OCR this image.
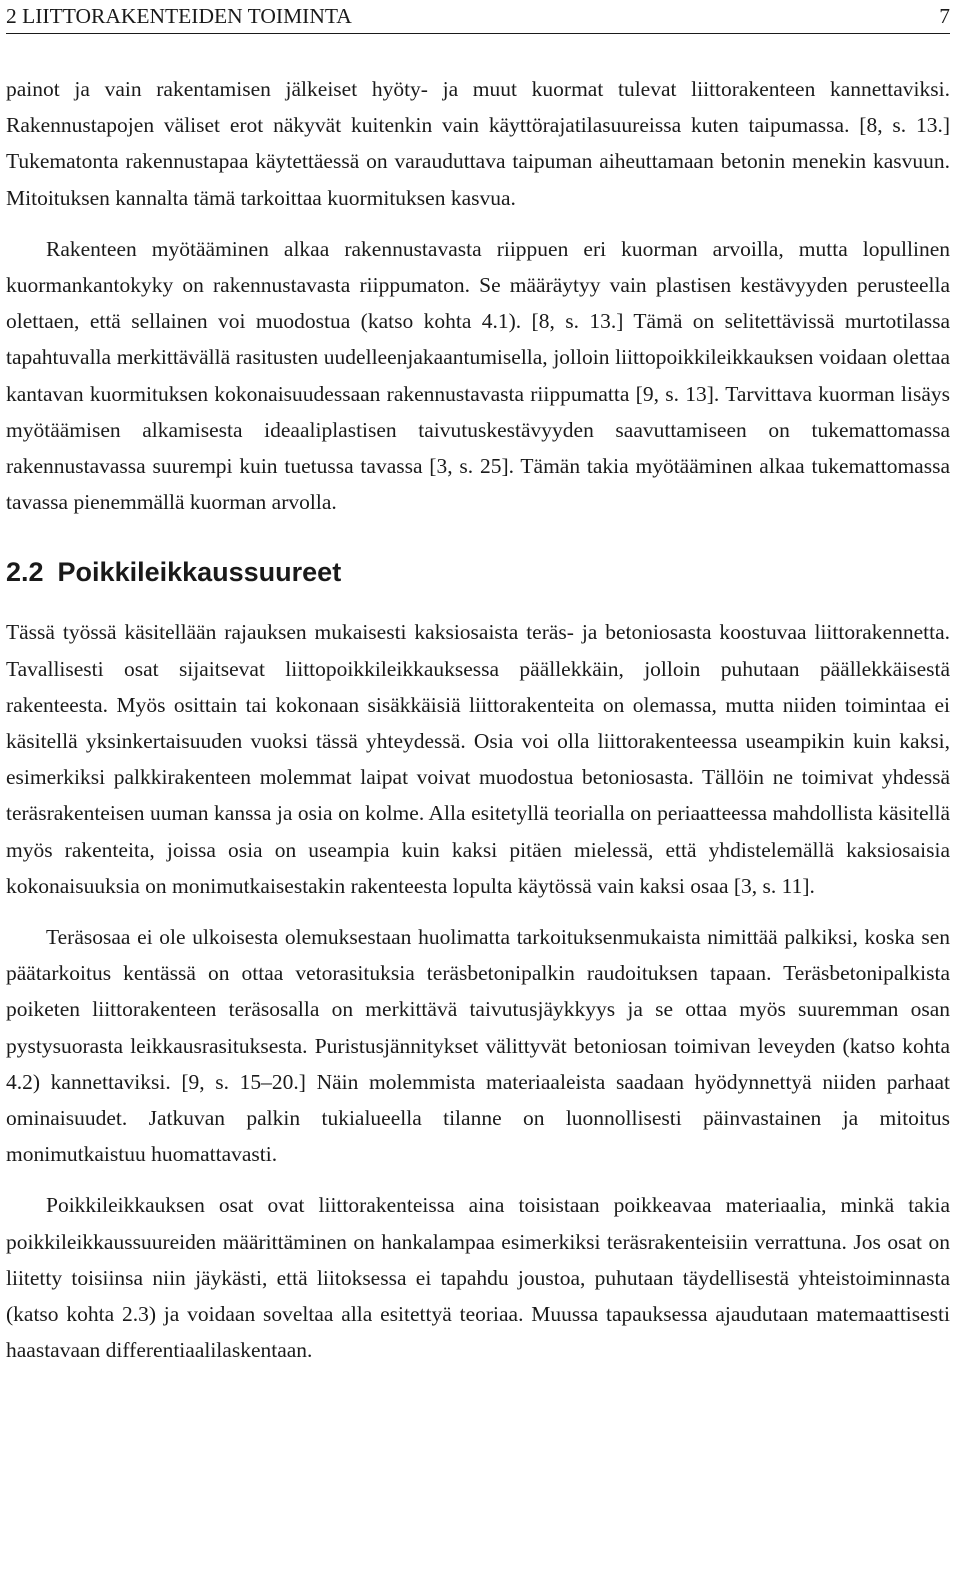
2 LIITTORAKENTEIDEN TOIMINTA	7

painot ja vain rakentamisen jälkeiset hyöty- ja muut kuormat tulevat liittorakenteen kannettaviksi. Rakennustapojen väliset erot näkyvät kuitenkin vain käyttörajatilasuureissa kuten taipumassa. [8, s. 13.] Tukematonta rakennustapaa käytettäessä on varauduttava taipuman aiheuttamaan betonin menekin kasvuun. Mitoituksen kannalta tämä tarkoittaa kuormituksen kasvua.

Rakenteen myötääminen alkaa rakennustavasta riippuen eri kuorman arvoilla, mutta lopullinen kuormankantokyky on rakennustavasta riippumaton. Se määräytyy vain plastisen kestävyyden perusteella olettaen, että sellainen voi muodostua (katso kohta 4.1). [8, s. 13.] Tämä on selitettävissä murtotilassa tapahtuvalla merkittävällä rasitusten uudelleenjakaantumisella, jolloin liittopoikkileikkauksen voidaan olettaa kantavan kuormituksen kokonaisuudessaan rakennustavasta riippumatta [9, s. 13]. Tarvittava kuorman lisäys myötäämisen alkamisesta ideaaliplastisen taivutuskestävyyden saavuttamiseen on tukemattomassa rakennustavassa suurempi kuin tuetussa tavassa [3, s. 25]. Tämän takia myötääminen alkaa tukemattomassa tavassa pienemmällä kuorman arvolla.

2.2 Poikkileikkaussuureet

Tässä työssä käsitellään rajauksen mukaisesti kaksiosaista teräs- ja betoniosasta koostuvaa liittorakennetta. Tavallisesti osat sijaitsevat liittopoikkileikkauksessa päällekkäin, jolloin puhutaan päällekkäisestä rakenteesta. Myös osittain tai kokonaan sisäkkäisiä liittorakenteita on olemassa, mutta niiden toimintaa ei käsitellä yksinkertaisuuden vuoksi tässä yhteydessä. Osia voi olla liittorakenteessa useampikin kuin kaksi, esimerkiksi palkkirakenteen molemmat laipat voivat muodostua betoniosasta. Tällöin ne toimivat yhdessä teräsrakenteisen uuman kanssa ja osia on kolme. Alla esitetyllä teorialla on periaatteessa mahdollista käsitellä myös rakenteita, joissa osia on useampia kuin kaksi pitäen mielessä, että yhdistelemällä kaksiosaisia kokonaisuuksia on monimutkaisestakin rakenteesta lopulta käytössä vain kaksi osaa [3, s. 11].

Teräsosaa ei ole ulkoisesta olemuksestaan huolimatta tarkoituksenmukaista nimittää palkiksi, koska sen päätarkoitus kentässä on ottaa vetorasituksia teräsbetonipalkin raudoituksen tapaan. Teräsbetonipalkista poiketen liittorakenteen teräsosalla on merkittävä taivutusjäykkyys ja se ottaa myös suuremman osan pystysuorasta leikkausrasituksesta. Puristusjännitykset välittyvät betoniosan toimivan leveyden (katso kohta 4.2) kannettaviksi. [9, s. 15–20.] Näin molemmista materiaaleista saadaan hyödynnettyä niiden parhaat ominaisuudet. Jatkuvan palkin tukialueella tilanne on luonnollisesti päinvastainen ja mitoitus monimutkaistuu huomattavasti.

Poikkileikkauksen osat ovat liittorakenteissa aina toisistaan poikkeavaa materiaalia, minkä takia poikkileikkaussuureiden määrittäminen on hankalampaa esimerkiksi teräsrakenteisiin verrattuna. Jos osat on liitetty toisiinsa niin jäykästi, että liitoksessa ei tapahdu joustoa, puhutaan täydellisestä yhteistoiminnasta (katso kohta 2.3) ja voidaan soveltaa alla esitettyä teoriaa. Muussa tapauksessa ajaudutaan matemaattisesti haastavaan differentiaalilaskentaan.
